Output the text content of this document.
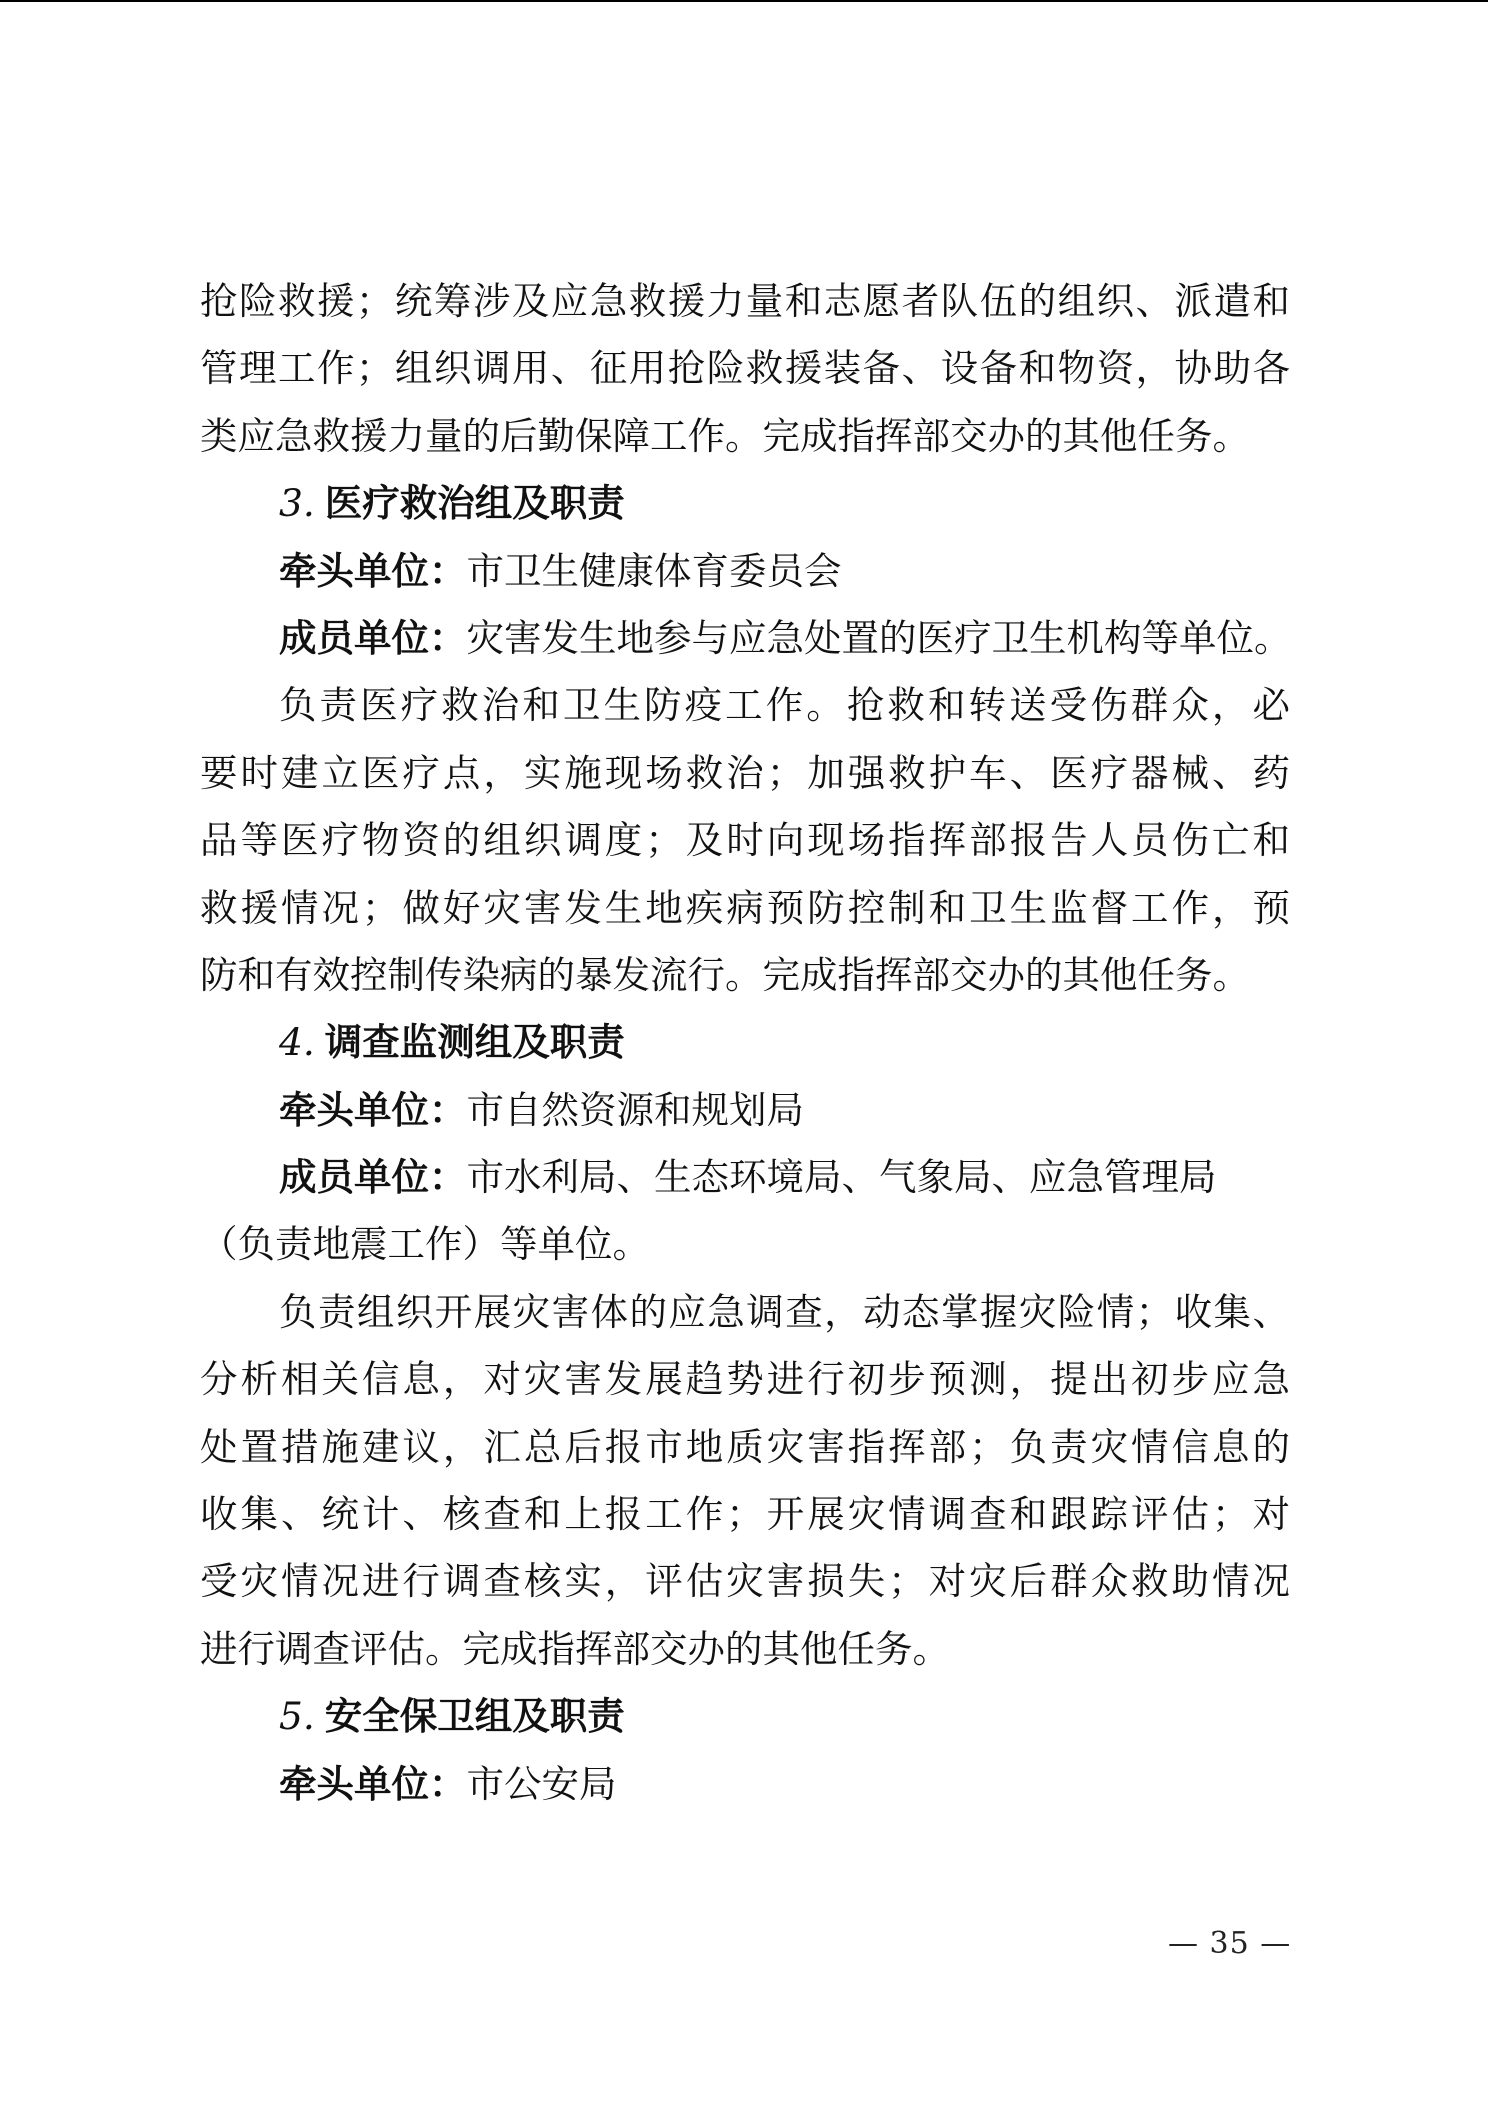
抢险救援；统筹涉及应急救援力量和志愿者队伍的组织、派遣和
管理工作；组织调用、征用抢险救援装备、设备和物资，协助各
类应急救援力量的后勤保障工作。完成指挥部交办的其他任务。
3. 医疗救治组及职责
牵头单位：市卫生健康体育委员会
成员单位：灾害发生地参与应急处置的医疗卫生机构等单位。
负责医疗救治和卫生防疫工作。抢救和转送受伤群众，必
要时建立医疗点，实施现场救治；加强救护车、医疗器械、药
品等医疗物资的组织调度；及时向现场指挥部报告人员伤亡和
救援情况；做好灾害发生地疾病预防控制和卫生监督工作，预
防和有效控制传染病的暴发流行。完成指挥部交办的其他任务。
4. 调查监测组及职责
牵头单位：市自然资源和规划局
成员单位：市水利局、生态环境局、气象局、应急管理局
（负责地震工作）等单位。
负责组织开展灾害体的应急调查，动态掌握灾险情；收集、
分析相关信息，对灾害发展趋势进行初步预测，提出初步应急
处置措施建议，汇总后报市地质灾害指挥部；负责灾情信息的
收集、统计、核查和上报工作；开展灾情调查和跟踪评估；对
受灾情况进行调查核实，评估灾害损失；对灾后群众救助情况
进行调查评估。完成指挥部交办的其他任务。
5. 安全保卫组及职责
牵头单位：市公安局
— 35 —
